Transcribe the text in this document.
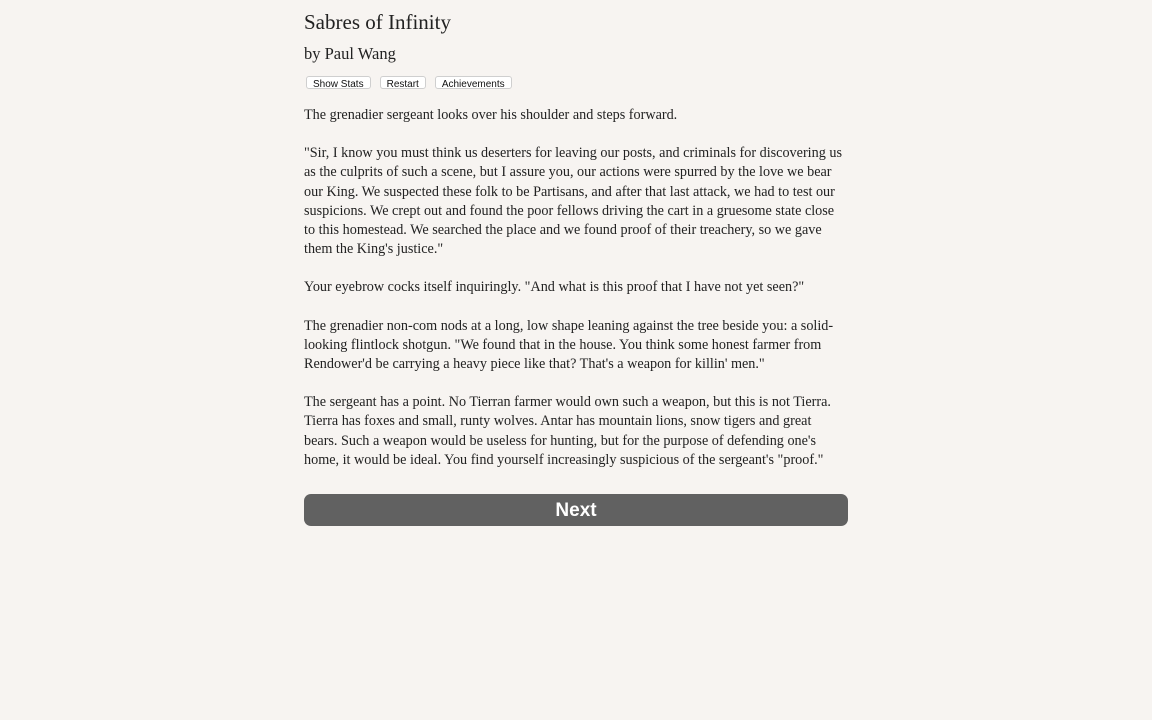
Sabres of Infinity
by Paul Wang
Show Stats	Restart	Achievements

The grenadier sergeant looks over his shoulder and steps forward.

"Sir, I know you must think us deserters for leaving our posts, and criminals for discovering us as the culprits of such a scene, but I assure you, our actions were spurred by the love we bear our King. We suspected these folk to be Partisans, and after that last attack, we had to test our suspicions. We crept out and found the poor fellows driving the cart in a gruesome state close to this homestead. We searched the place and we found proof of their treachery, so we gave them the King's justice."

Your eyebrow cocks itself inquiringly. "And what is this proof that I have not yet seen?"

The grenadier non-com nods at a long, low shape leaning against the tree beside you: a solid-looking flintlock shotgun. "We found that in the house. You think some honest farmer from Rendower'd be carrying a heavy piece like that? That's a weapon for killin' men."

The sergeant has a point. No Tierran farmer would own such a weapon, but this is not Tierra. Tierra has foxes and small, runty wolves. Antar has mountain lions, snow tigers and great bears. Such a weapon would be useless for hunting, but for the purpose of defending one's home, it would be ideal. You find yourself increasingly suspicious of the sergeant's "proof."

Next
